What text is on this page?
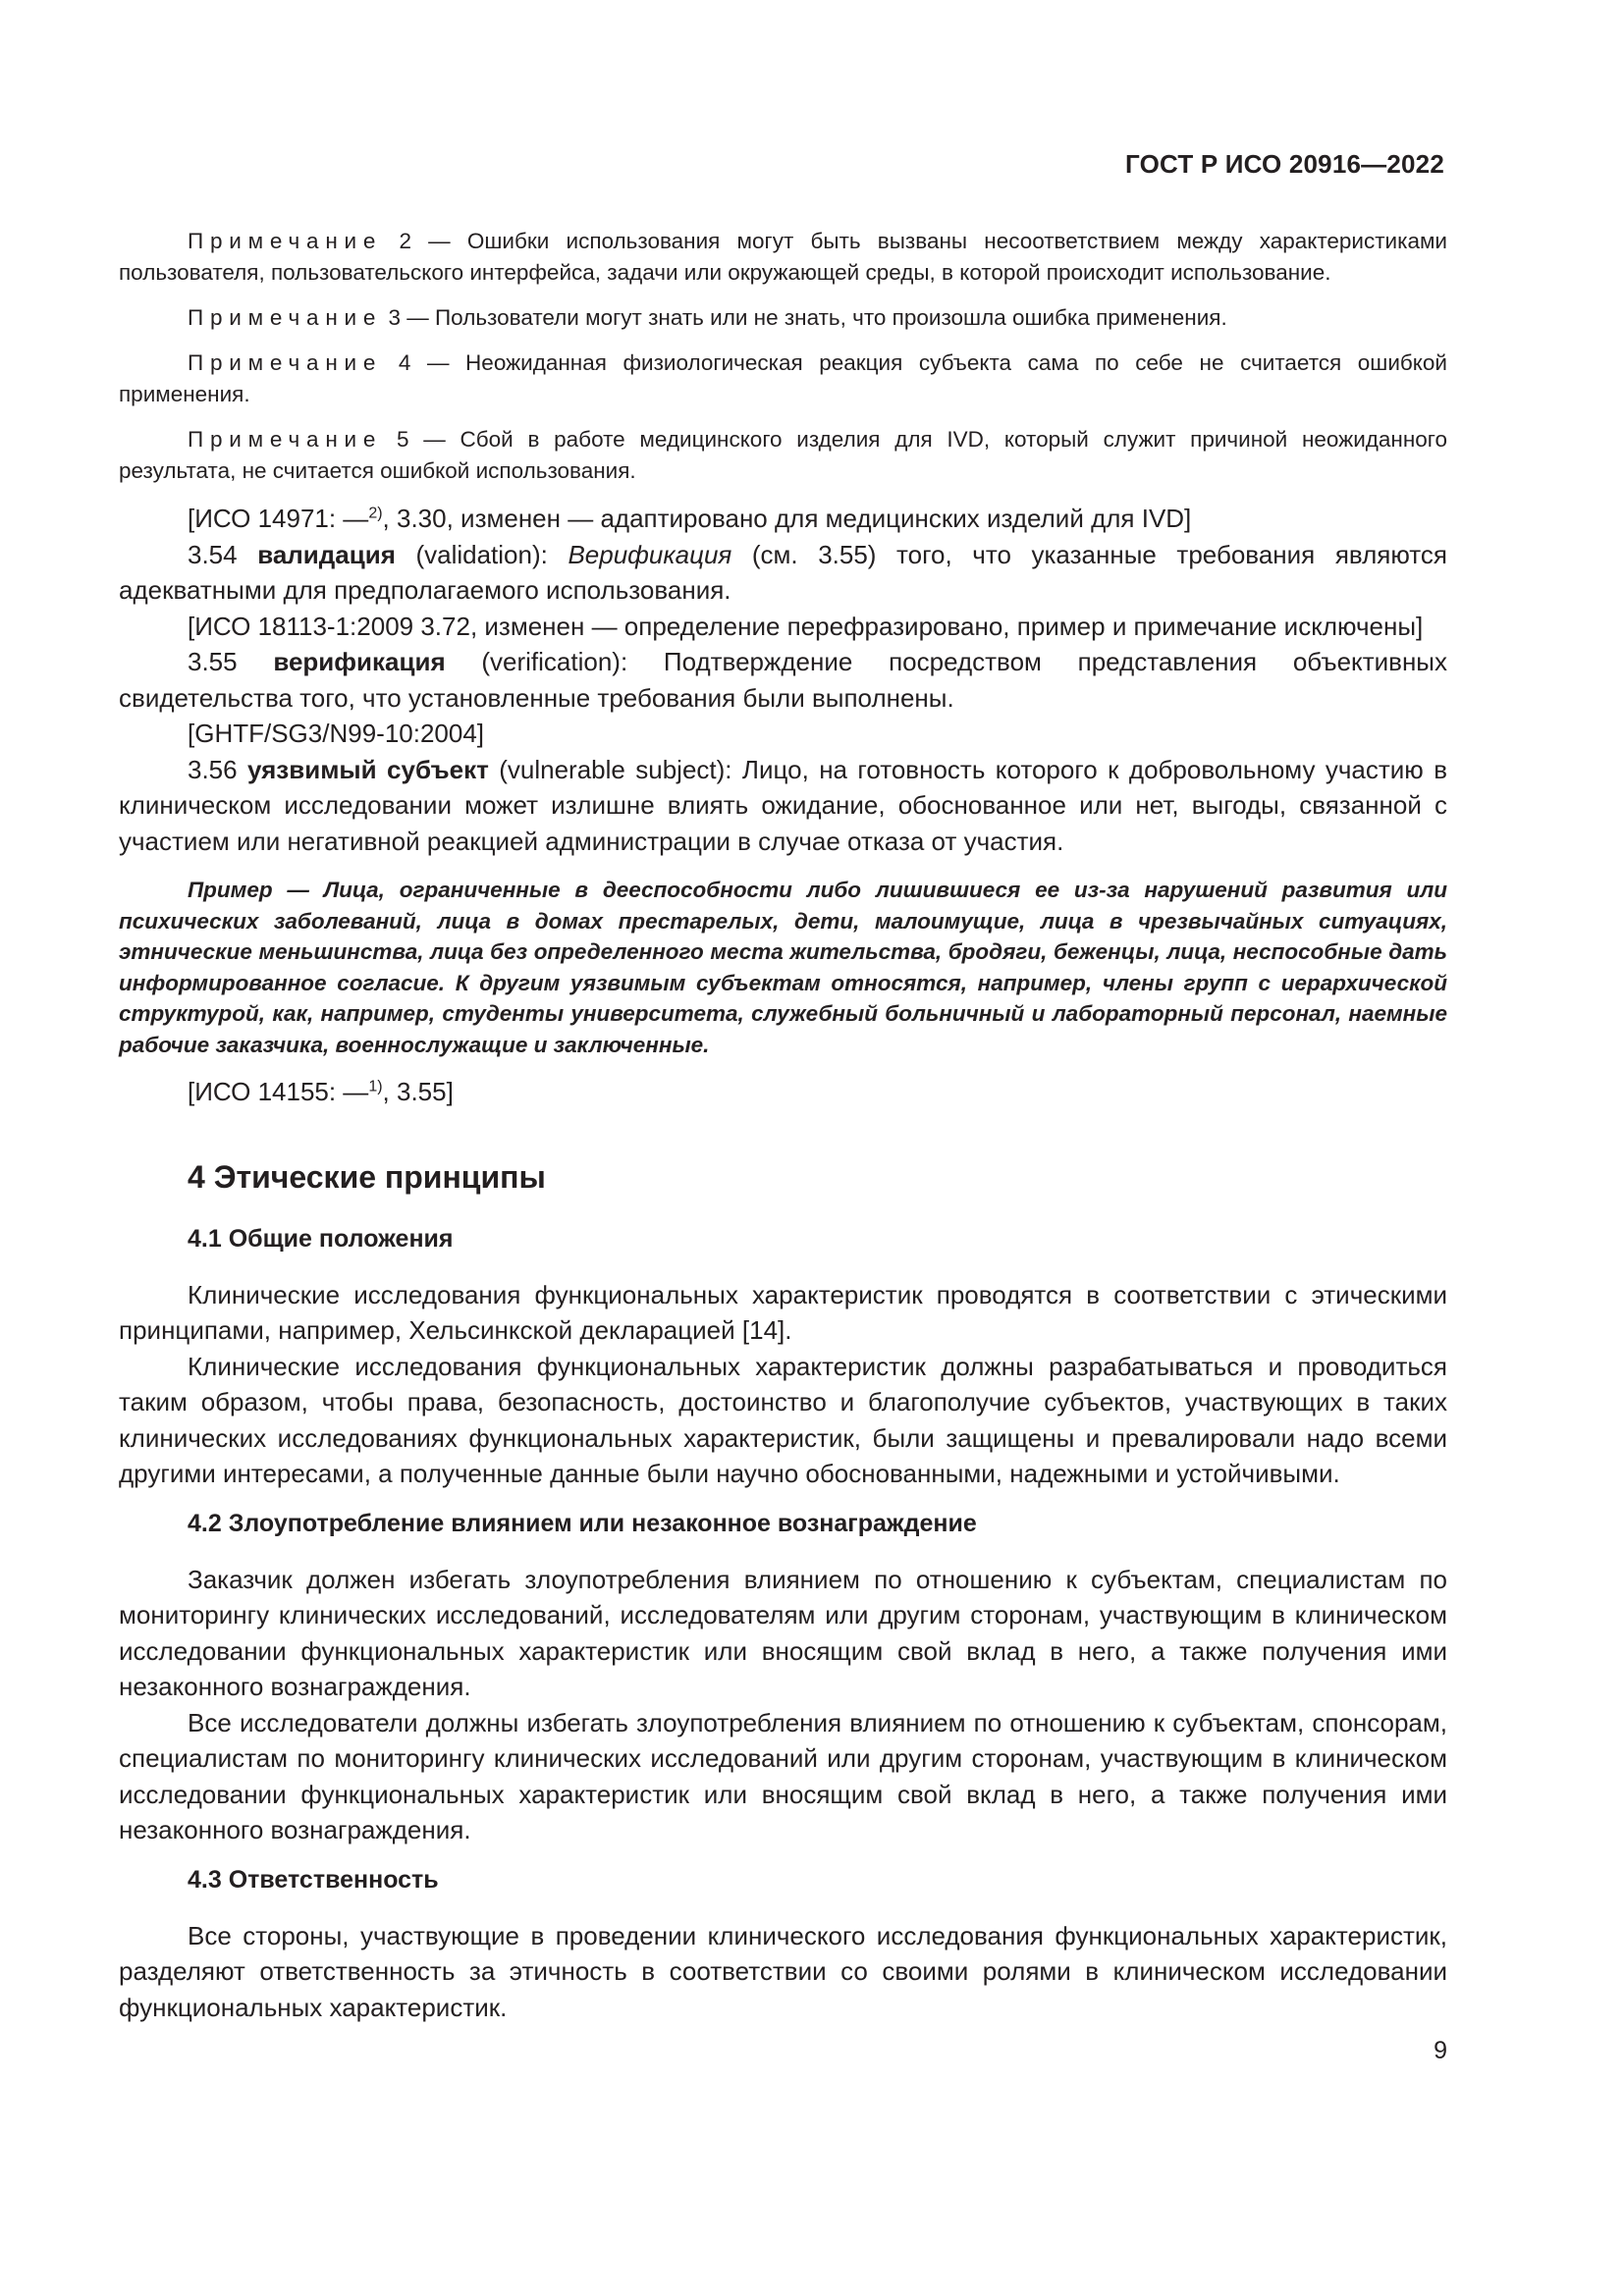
ГОСТ Р ИСО 20916—2022

Примечание 2 — Ошибки использования могут быть вызваны несоответствием между характеристиками пользователя, пользовательского интерфейса, задачи или окружающей среды, в которой происходит использование.

Примечание 3 — Пользователи могут знать или не знать, что произошла ошибка применения.

Примечание 4 — Неожиданная физиологическая реакция субъекта сама по себе не считается ошибкой применения.

Примечание 5 — Сбой в работе медицинского изделия для IVD, который служит причиной неожиданного результата, не считается ошибкой использования.

[ИСО 14971: —$^{2)}$, 3.30, изменен — адаптировано для медицинских изделий для IVD]

3.54 валидация (validation): Верификация (см. 3.55) того, что указанные требования являются адекватными для предполагаемого использования.

[ИСО 18113-1:2009 3.72, изменен — определение перефразировано, пример и примечание исключены]

3.55 верификация (verification): Подтверждение посредством представления объективных свидетельства того, что установленные требования были выполнены.

[GHTF/SG3/N99-10:2004]

3.56 уязвимый субъект (vulnerable subject): Лицо, на готовность которого к добровольному участию в клиническом исследовании может излишне влиять ожидание, обоснованное или нет, выгоды, связанной с участием или негативной реакцией администрации в случае отказа от участия.

Пример — Лица, ограниченные в дееспособности либо лишившиеся ее из-за нарушений развития или психических заболеваний, лица в домах престарелых, дети, малоимущие, лица в чрезвычайных ситуациях, этнические меньшинства, лица без определенного места жительства, бродяги, беженцы, лица, неспособные дать информированное согласие. К другим уязвимым субъектам относятся, например, члены групп с иерархической структурой, как, например, студенты университета, служебный больничный и лабораторный персонал, наемные рабочие заказчика, военнослужащие и заключенные.

[ИСО 14155: —$^{1)}$, 3.55]

4 Этические принципы
4.1 Общие положения

Клинические исследования функциональных характеристик проводятся в соответствии с этическими принципами, например, Хельсинкской декларацией [14].

Клинические исследования функциональных характеристик должны разрабатываться и проводиться таким образом, чтобы права, безопасность, достоинство и благополучие субъектов, участвующих в таких клинических исследованиях функциональных характеристик, были защищены и превалировали надо всеми другими интересами, а полученные данные были научно обоснованными, надежными и устойчивыми.

4.2 Злоупотребление влиянием или незаконное вознаграждение

Заказчик должен избегать злоупотребления влиянием по отношению к субъектам, специалистам по мониторингу клинических исследований, исследователям или другим сторонам, участвующим в клиническом исследовании функциональных характеристик или вносящим свой вклад в него, а также получения ими незаконного вознаграждения.

Все исследователи должны избегать злоупотребления влиянием по отношению к субъектам, спонсорам, специалистам по мониторингу клинических исследований или другим сторонам, участвующим в клиническом исследовании функциональных характеристик или вносящим свой вклад в него, а также получения ими незаконного вознаграждения.

4.3 Ответственность

Все стороны, участвующие в проведении клинического исследования функциональных характеристик, разделяют ответственность за этичность в соответствии со своими ролями в клиническом исследовании функциональных характеристик.

9
